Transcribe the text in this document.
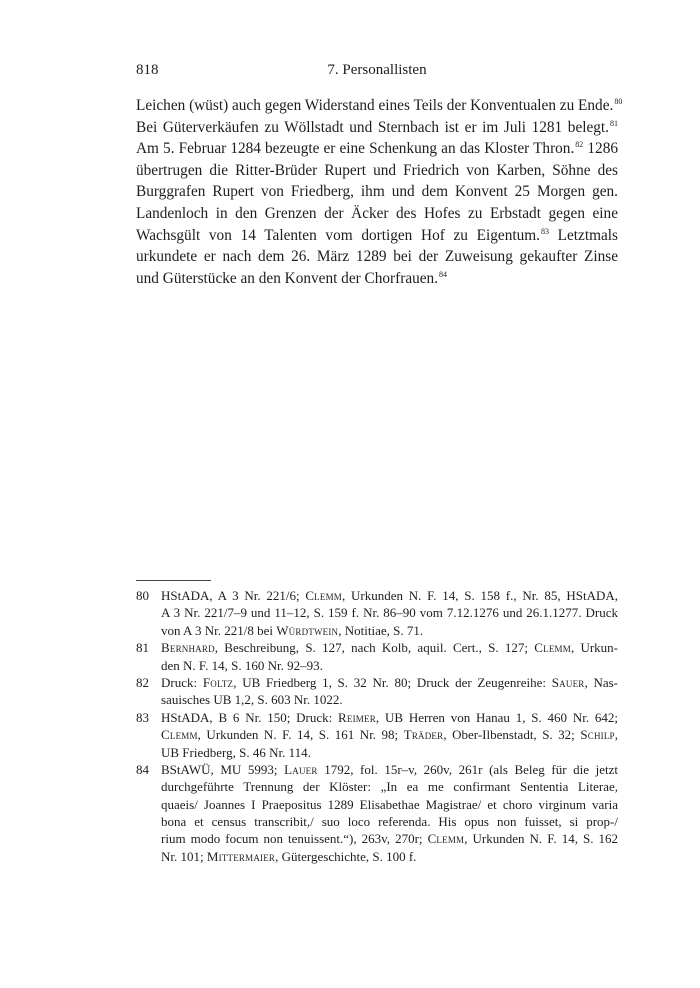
818	7. Personallisten

Leichen (wüst) auch gegen Widerstand eines Teils der Konventualen zu Ende.$^{80}$
Bei Güterverkäufen zu Wöllstadt und Sternbach ist er im Juli 1281 belegt.$^{81}$
Am 5. Februar 1284 bezeugte er eine Schenkung an das Kloster Thron.$^{82}$ 1286
übertrugen die Ritter-Brüder Rupert und Friedrich von Karben, Söhne des
Burggrafen Rupert von Friedberg, ihm und dem Konvent 25 Morgen gen.
Landenloch in den Grenzen der Äcker des Hofes zu Erbstadt gegen eine
Wachsgült von 14 Talenten vom dortigen Hof zu Eigentum.$^{83}$ Letztmals
urkundete er nach dem 26. März 1289 bei der Zuweisung gekaufter Zinse
und Güterstücke an den Konvent der Chorfrauen.$^{84}$

80 HStADA, A 3 Nr. 221/6; Clemm, Urkunden N. F. 14, S. 158 f., Nr. 85, HStADA,
A 3 Nr. 221/7–9 und 11–12, S. 159 f. Nr. 86–90 vom 7.12.1276 und 26.1.1277. Druck
von A 3 Nr. 221/8 bei Würdtwein, Notitiae, S. 71.
81 Bernhard, Beschreibung, S. 127, nach Kolb, aquil. Cert., S. 127; Clemm, Urkun-
den N. F. 14, S. 160 Nr. 92–93.
82 Druck: Foltz, UB Friedberg 1, S. 32 Nr. 80; Druck der Zeugenreihe: Sauer, Nas-
sauisches UB 1,2, S. 603 Nr. 1022.
83 HStADA, B 6 Nr. 150; Druck: Reimer, UB Herren von Hanau 1, S. 460 Nr. 642;
Clemm, Urkunden N. F. 14, S. 161 Nr. 98; Träder, Ober-Ilbenstadt, S. 32; Schilp,
UB Friedberg, S. 46 Nr. 114.
84 BStAWÜ, MU 5993; Lauer 1792, fol. 15r–v, 260v, 261r (als Beleg für die jetzt
durchgeführte Trennung der Klöster: „In ea me confirmant Sententia Literae,
quaeis/ Joannes I Praepositus 1289 Elisabethae Magistrae/ et choro virginum varia
bona et census transcribit,/ suo loco referenda. His opus non fuisset, si prop-/
rium modo focum non tenuissent.“), 263v, 270r; Clemm, Urkunden N. F. 14, S. 162
Nr. 101; Mittermaier, Gütergeschichte, S. 100 f.
